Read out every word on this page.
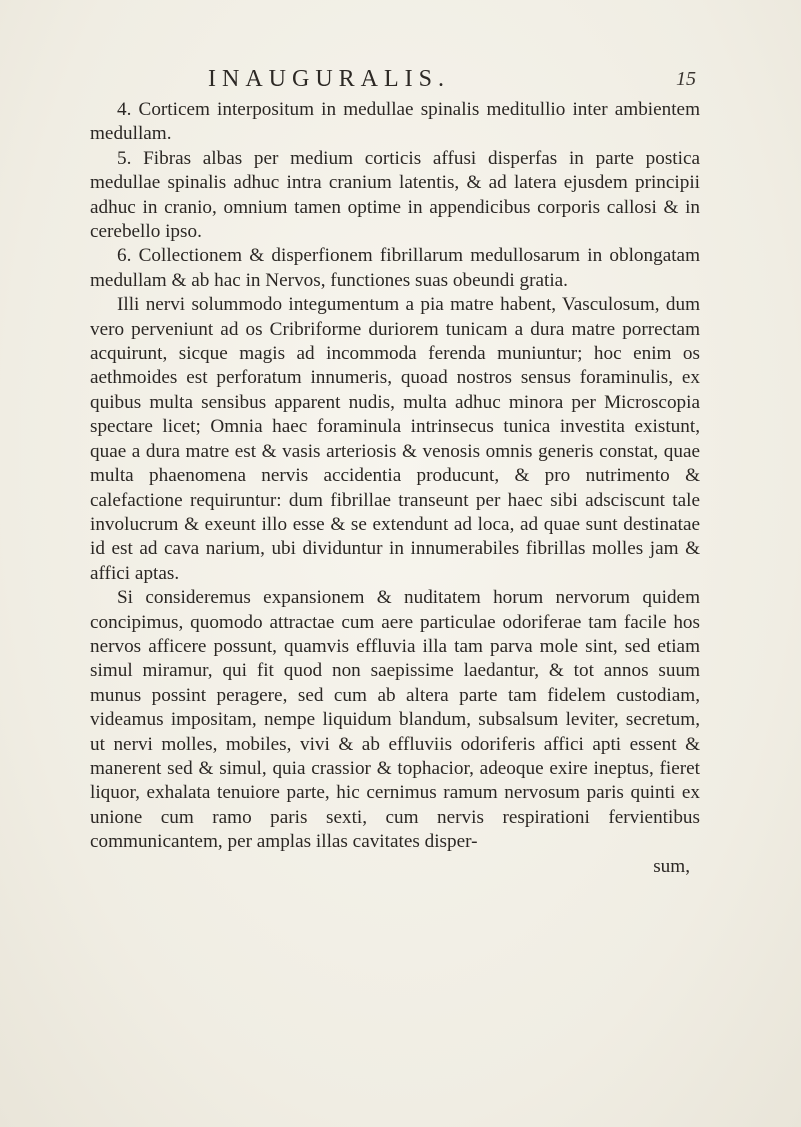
INAUGURALIS.	15

4. Corticem interpositum in medullae spinalis meditullio inter ambientem medullam.

5. Fibras albas per medium corticis affusi disperfas in parte postica medullae spinalis adhuc intra cranium latentis, & ad latera ejusdem principii adhuc in cranio, omnium tamen optime in appendicibus corporis callosi & in cerebello ipso.

6. Collectionem & disperfionem fibrillarum medullosarum in oblongatam medullam & ab hac in Nervos, functiones suas obeundi gratia.

Illi nervi solummodo integumentum a pia matre habent, Vasculosum, dum vero perveniunt ad os Cribriforme duriorem tunicam a dura matre porrectam acquirunt, sicque magis ad incommoda ferenda muniuntur; hoc enim os aethmoides est perforatum innumeris, quoad nostros sensus foraminulis, ex quibus multa sensibus apparent nudis, multa adhuc minora per Microscopia spectare licet; Omnia haec foraminula intrinsecus tunica investita existunt, quae a dura matre est & vasis arteriosis & venosis omnis generis constat, quae multa phaenomena nervis accidentia producunt, & pro nutrimento & calefactione requiruntur: dum fibrillae transeunt per haec sibi adsciscunt tale involucrum & exeunt illo esse & se extendunt ad loca, ad quae sunt destinatae id est ad cava narium, ubi dividuntur in innumerabiles fibrillas molles jam & affici aptas.

Si consideremus expansionem & nuditatem horum nervorum quidem concipimus, quomodo attractae cum aere particulae odoriferae tam facile hos nervos afficere possunt, quamvis effluvia illa tam parva mole sint, sed etiam simul miramur, qui fit quod non saepissime laedantur, & tot annos suum munus possint peragere, sed cum ab altera parte tam fidelem custodiam, videamus impositam, nempe liquidum blandum, subsalsum leviter, secretum, ut nervi molles, mobiles, vivi & ab effluviis odoriferis affici apti essent & manerent sed & simul, quia crassior & tophacior, adeoque exire ineptus, fieret liquor, exhalata tenuiore parte, hic cernimus ramum nervosum paris quinti ex unione cum ramo paris sexti, cum nervis respirationi fervientibus communicantem, per amplas illas cavitates disper-

sum,
